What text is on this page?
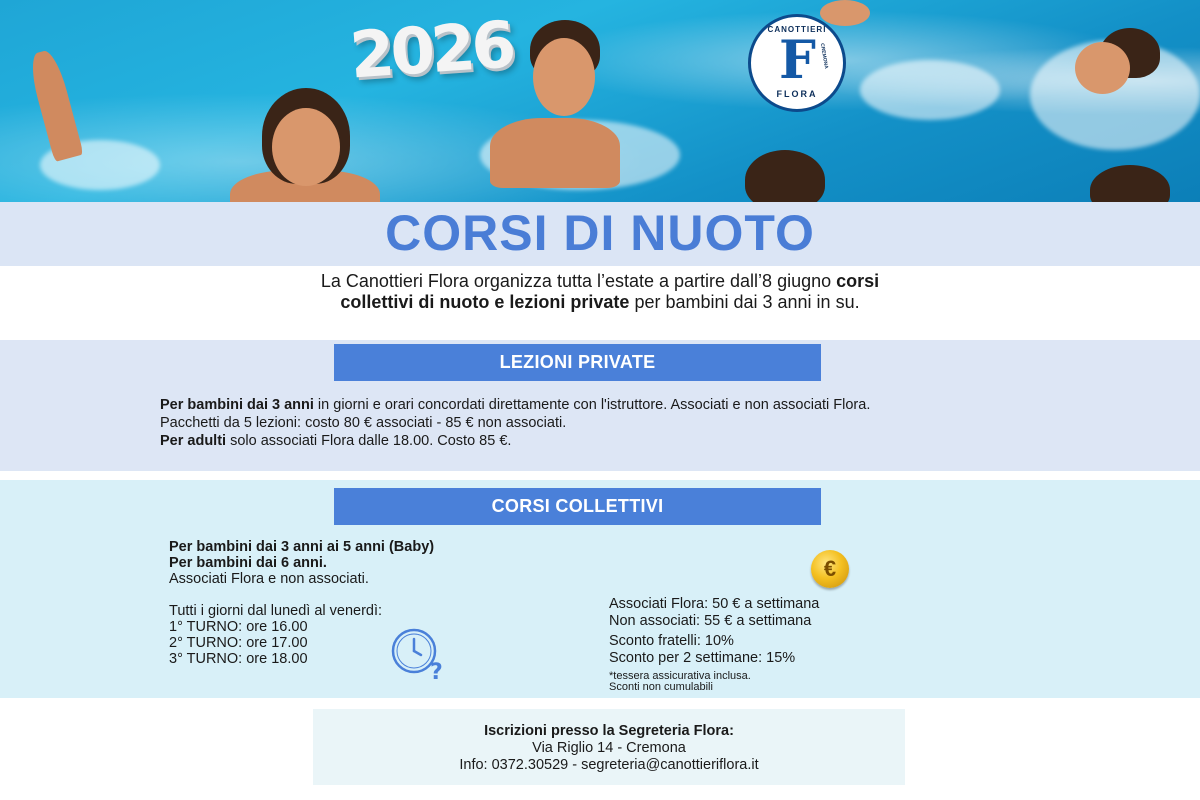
2026	CANOTTIERI
F
FLORA
CREMONA
CORSI DI NUOTO
La Canottieri Flora organizza tutta l’estate a partire dall’8 giugno corsi collettivi di nuoto e lezioni private per bambini dai 3 anni in su.
LEZIONI PRIVATE
Per bambini dai 3 anni in giorni e orari concordati direttamente con l'istruttore. Associati e non associati Flora.
Pacchetti da 5 lezioni: costo 80 € associati - 85 € non associati.
Per adulti solo associati Flora dalle 18.00. Costo 85 €.
CORSI COLLETTIVI
Per bambini dai 3 anni ai 5 anni (Baby)
Per bambini dai 6 anni.
Associati Flora e non associati.
Tutti i giorni dal lunedì al venerdì:
1° TURNO: ore 16.00
2° TURNO: ore 17.00
3° TURNO: ore 18.00
?
€
Associati Flora: 50 € a settimana
Non associati: 55 € a settimana
Sconto fratelli: 10%
Sconto per 2 settimane: 15%
*tessera assicurativa inclusa.
Sconti non cumulabili
Iscrizioni presso la Segreteria Flora:
Via Riglio 14 - Cremona
Info: 0372.30529 - segreteria@canottieriflora.it
